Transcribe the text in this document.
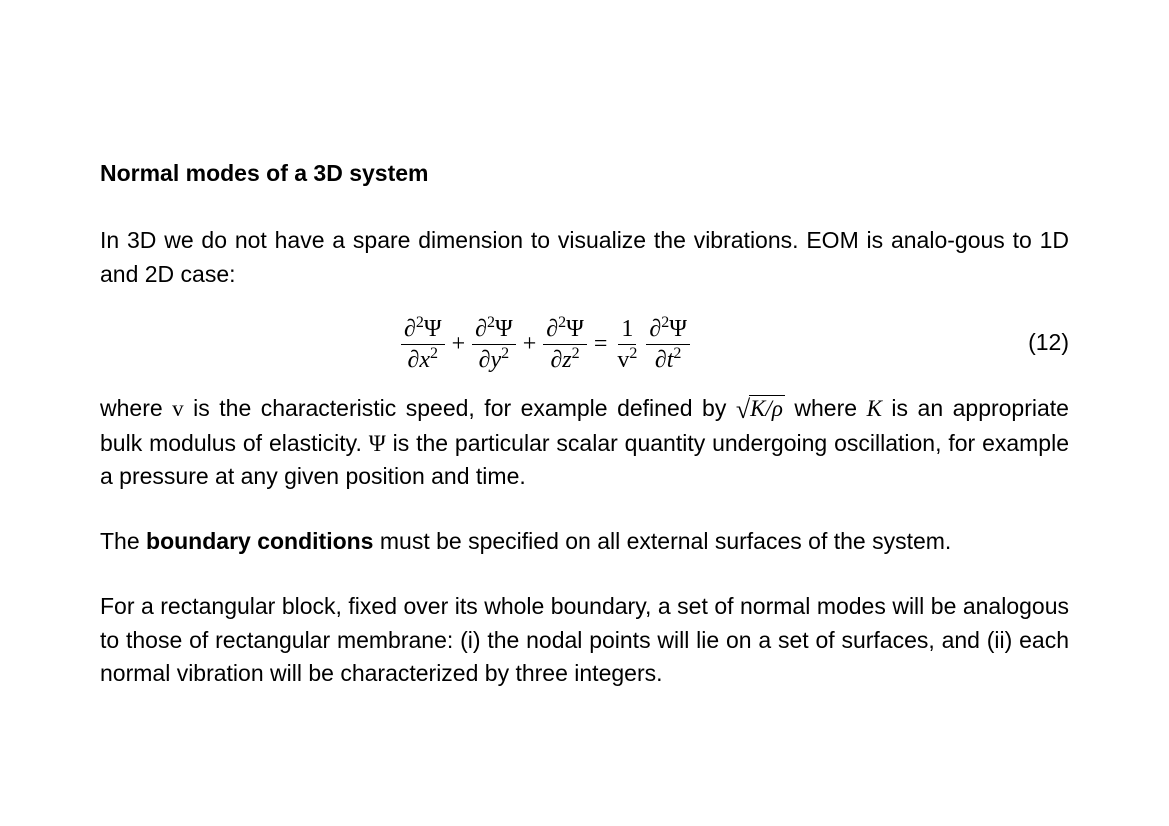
Normal modes of a 3D system
In 3D we do not have a spare dimension to visualize the vibrations. EOM is analo-gous to 1D and 2D case:
$\frac{\partial^2\Psi}{\partial x^2} + \frac{\partial^2\Psi}{\partial y^2} + \frac{\partial^2\Psi}{\partial z^2} = \frac{1}{v^2} \frac{\partial^2\Psi}{\partial t^2}$	(12)
where v is the characteristic speed, for example defined by √K/ρ where K is an appropriate bulk modulus of elasticity. Ψ is the particular scalar quantity undergoing oscillation, for example a pressure at any given position and time.
The boundary conditions must be specified on all external surfaces of the system.
For a rectangular block, fixed over its whole boundary, a set of normal modes will be analogous to those of rectangular membrane: (i) the nodal points will lie on a set of surfaces, and (ii) each normal vibration will be characterized by three integers.
